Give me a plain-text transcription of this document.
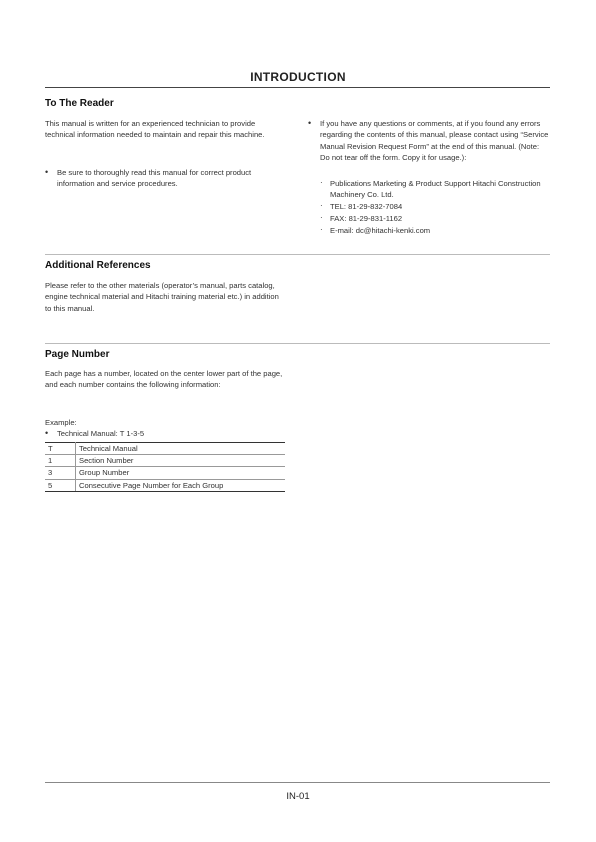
INTRODUCTION
To The Reader
This manual is written for an experienced technician to provide technical information needed to maintain and repair this machine.
•	Be sure to thoroughly read this manual for correct product information and service procedures.
•	If you have any questions or comments, at if you found any errors regarding the contents of this manual, please contact using “Service Manual Revision Request Form” at the end of this manual. (Note: Do not tear off the form. Copy it for usage.):
· Publications Marketing & Product Support Hitachi Construction Machinery Co. Ltd.
· TEL: 81-29-832-7084
· FAX: 81-29-831-1162
· E-mail: dc@hitachi-kenki.com
Additional References
Please refer to the other materials (operator’s manual, parts catalog, engine technical material and Hitachi training material etc.) in addition to this manual.
Page Number
Each page has a number, located on the center lower part of the page, and each number contains the following information:
Example:
•	Technical Manual: T 1-3-5
T	Technical Manual
1	Section Number
3	Group Number
5	Consecutive Page Number for Each Group
IN-01
